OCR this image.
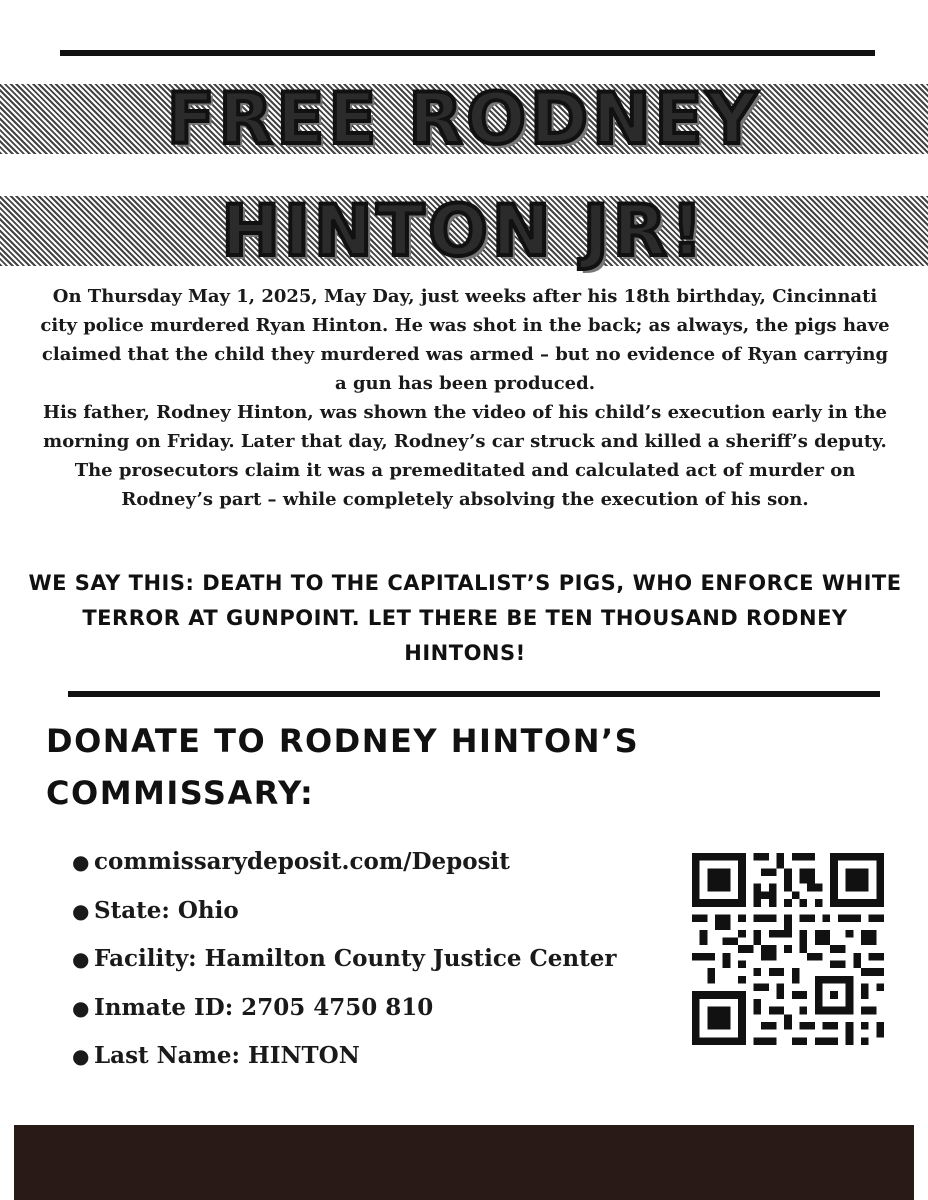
FREE RODNEY
HINTON JR!

On Thursday May 1, 2025, May Day, just weeks after his 18th birthday, Cincinnati city police murdered Ryan Hinton. He was shot in the back; as always, the pigs have claimed that the child they murdered was armed – but no evidence of Ryan carrying a gun has been produced.

His father, Rodney Hinton, was shown the video of his child’s execution early in the morning on Friday. Later that day, Rodney’s car struck and killed a sheriff’s deputy. The prosecutors claim it was a premeditated and calculated act of murder on Rodney’s part – while completely absolving the execution of his son.

WE SAY THIS: DEATH TO THE CAPITALIST’S PIGS, WHO ENFORCE WHITE TERROR AT GUNPOINT. LET THERE BE TEN THOUSAND RODNEY HINTONS!
DONATE TO RODNEY HINTON’S COMMISSARY:
● commissarydeposit.com/Deposit
● State: Ohio
● Facility: Hamilton County Justice Center
● Inmate ID: 2705 4750 810
● Last Name: HINTON
